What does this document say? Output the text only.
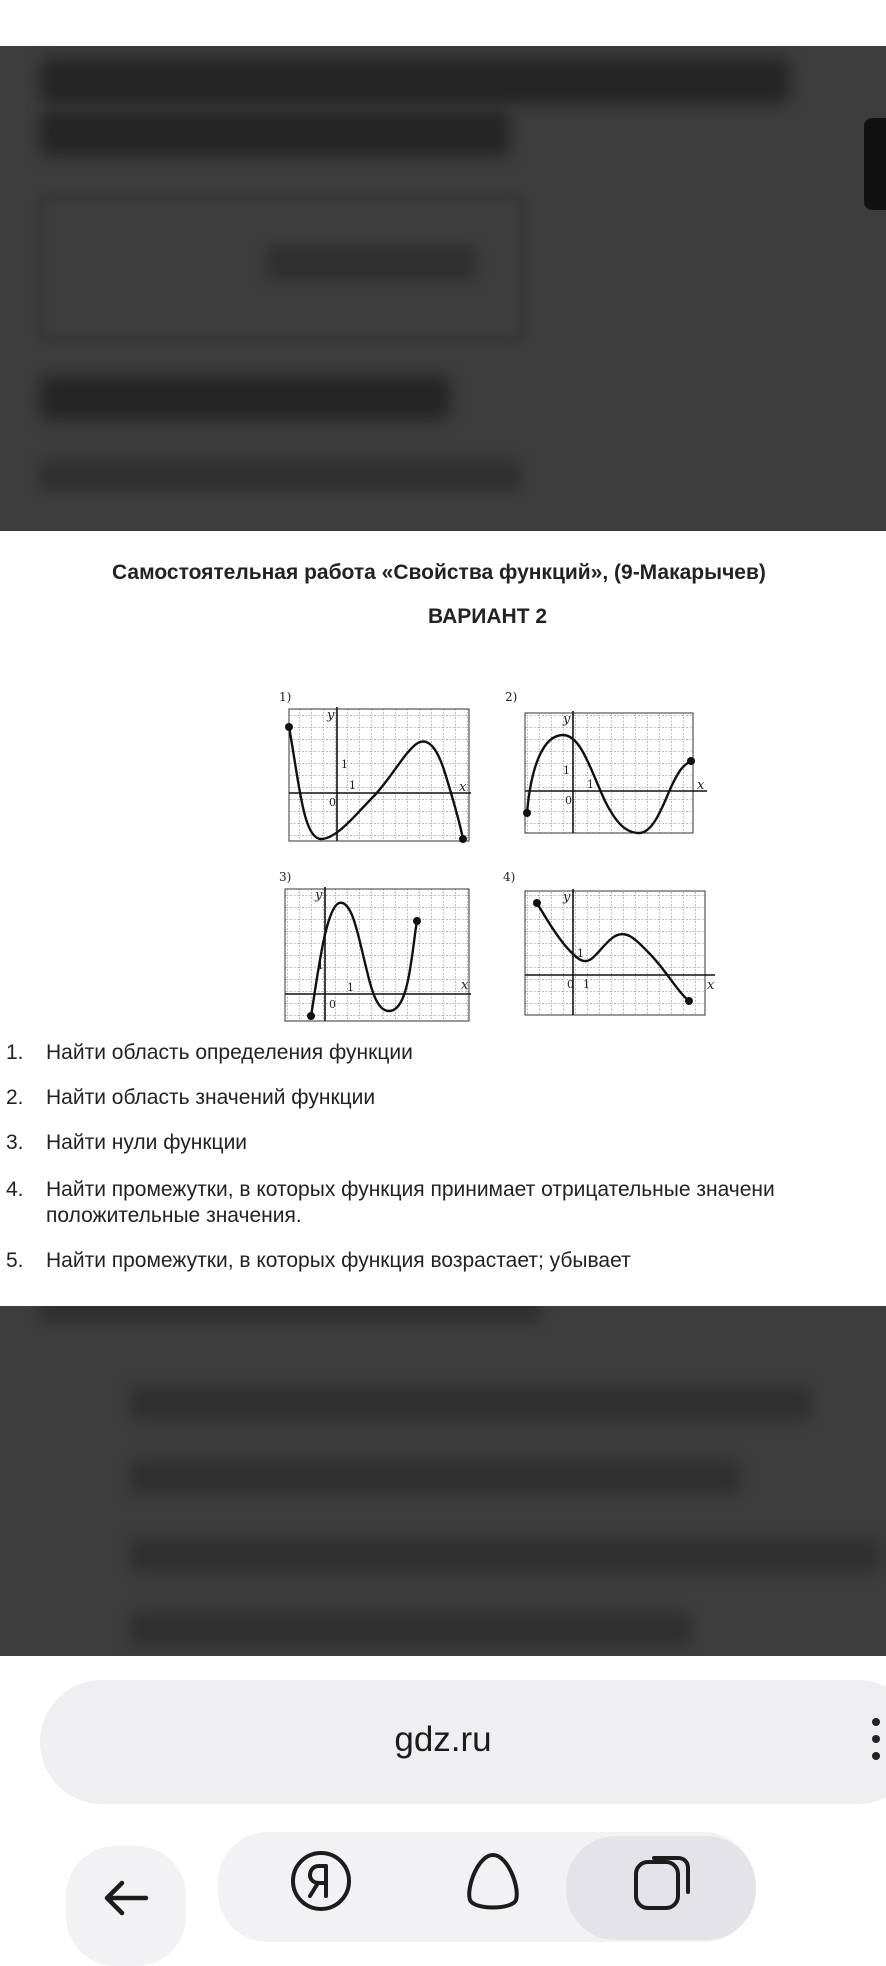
Самостоятельная работа «Свойства функций», (9-Макарычев)
ВАРИАНТ 2
1)
x
y
0
1
1
2)
x
y
0
1
1
3)
x
y
0
1
1
4)
x
y
0
1
1
1. Найти область определения функции
2. Найти область значений функции
3. Найти нули функции
4. Найти промежутки, в которых функция принимает отрицательные значени
положительные значения.
5. Найти промежутки, в которых функция возрастает; убывает
gdz.ru
